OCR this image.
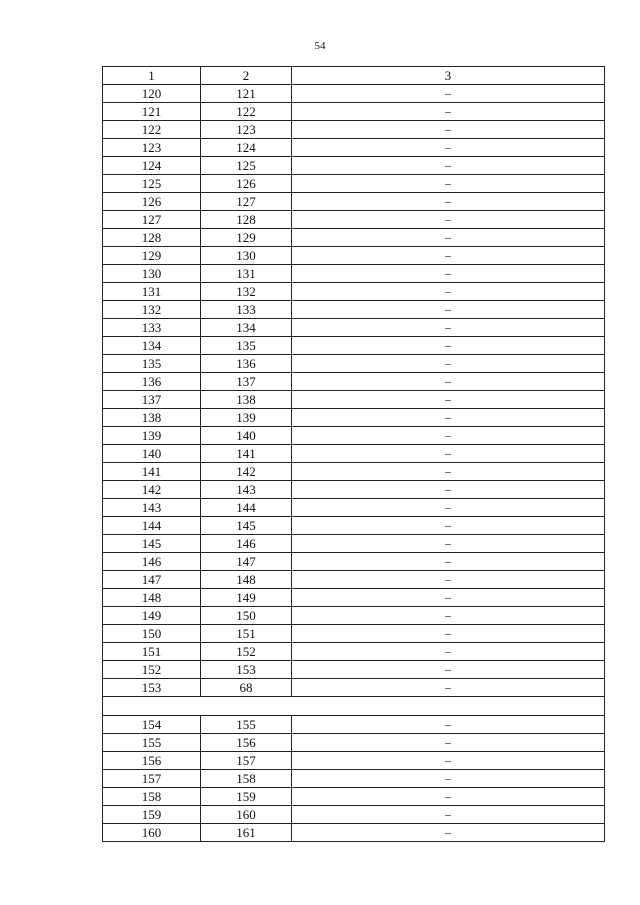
54
1	2	3
120	121	–
121	122	–
122	123	–
123	124	–
124	125	–
125	126	–
126	127	–
127	128	–
128	129	–
129	130	–
130	131	–
131	132	–
132	133	–
133	134	–
134	135	–
135	136	–
136	137	–
137	138	–
138	139	–
139	140	–
140	141	–
141	142	–
142	143	–
143	144	–
144	145	–
145	146	–
146	147	–
147	148	–
148	149	–
149	150	–
150	151	–
151	152	–
152	153	–
153	68	–

154	155	–
155	156	–
156	157	–
157	158	–
158	159	–
159	160	–
160	161	–
